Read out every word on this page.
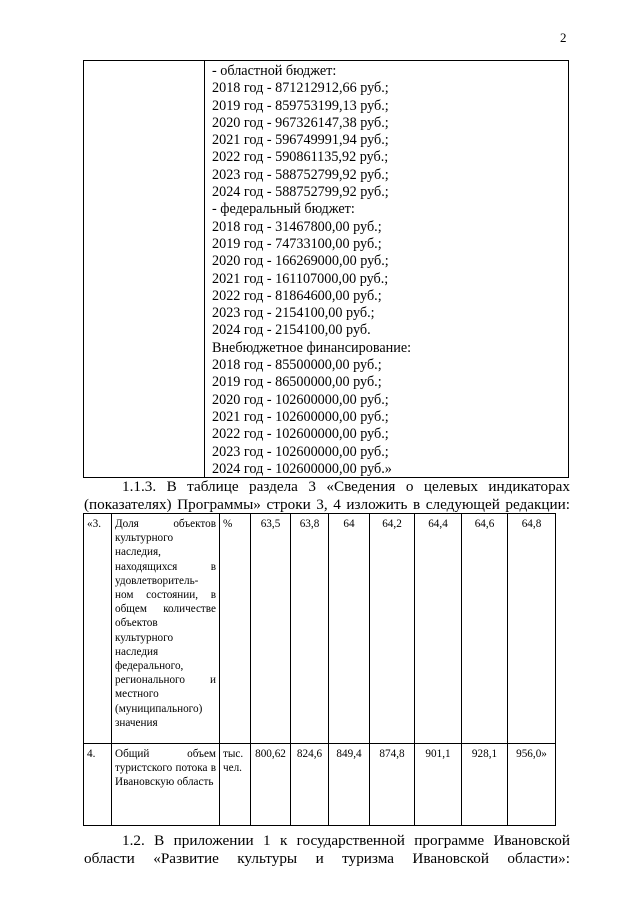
2
- областной бюджет:
2018 год - 871212912,66 руб.;
2019 год - 859753199,13 руб.;
2020 год - 967326147,38 руб.;
2021 год - 596749991,94 руб.;
2022 год - 590861135,92 руб.;
2023 год - 588752799,92 руб.;
2024 год - 588752799,92 руб.;
- федеральный бюджет:
2018 год - 31467800,00 руб.;
2019 год - 74733100,00 руб.;
2020 год - 166269000,00 руб.;
2021 год - 161107000,00 руб.;
2022 год - 81864600,00 руб.;
2023 год - 2154100,00 руб.;
2024 год - 2154100,00 руб.
Внебюджетное финансирование:
2018 год - 85500000,00 руб.;
2019 год - 86500000,00 руб.;
2020 год - 102600000,00 руб.;
2021 год - 102600000,00 руб.;
2022 год - 102600000,00 руб.;
2023 год - 102600000,00 руб.;
2024 год - 102600000,00 руб.»
1.1.3. В таблице раздела 3 «Сведения о целевых индикаторах
(показателях) Программы» строки 3, 4 изложить в следующей редакции:
«3.	Доля объектов культурного наследия, находящихся в удовлетворитель-ном состоянии, в общем количестве объектов культурного наследия федерального, регионального и местного (муниципального) значения	%	63,5	63,8	64	64,2	64,4	64,6	64,8
4.	Общий объем туристского потока в Ивановскую область	тыс. чел.	800,62	824,6	849,4	874,8	901,1	928,1	956,0»
1.2. В приложении 1 к государственной программе Ивановской
области «Развитие культуры и туризма Ивановской области»:
